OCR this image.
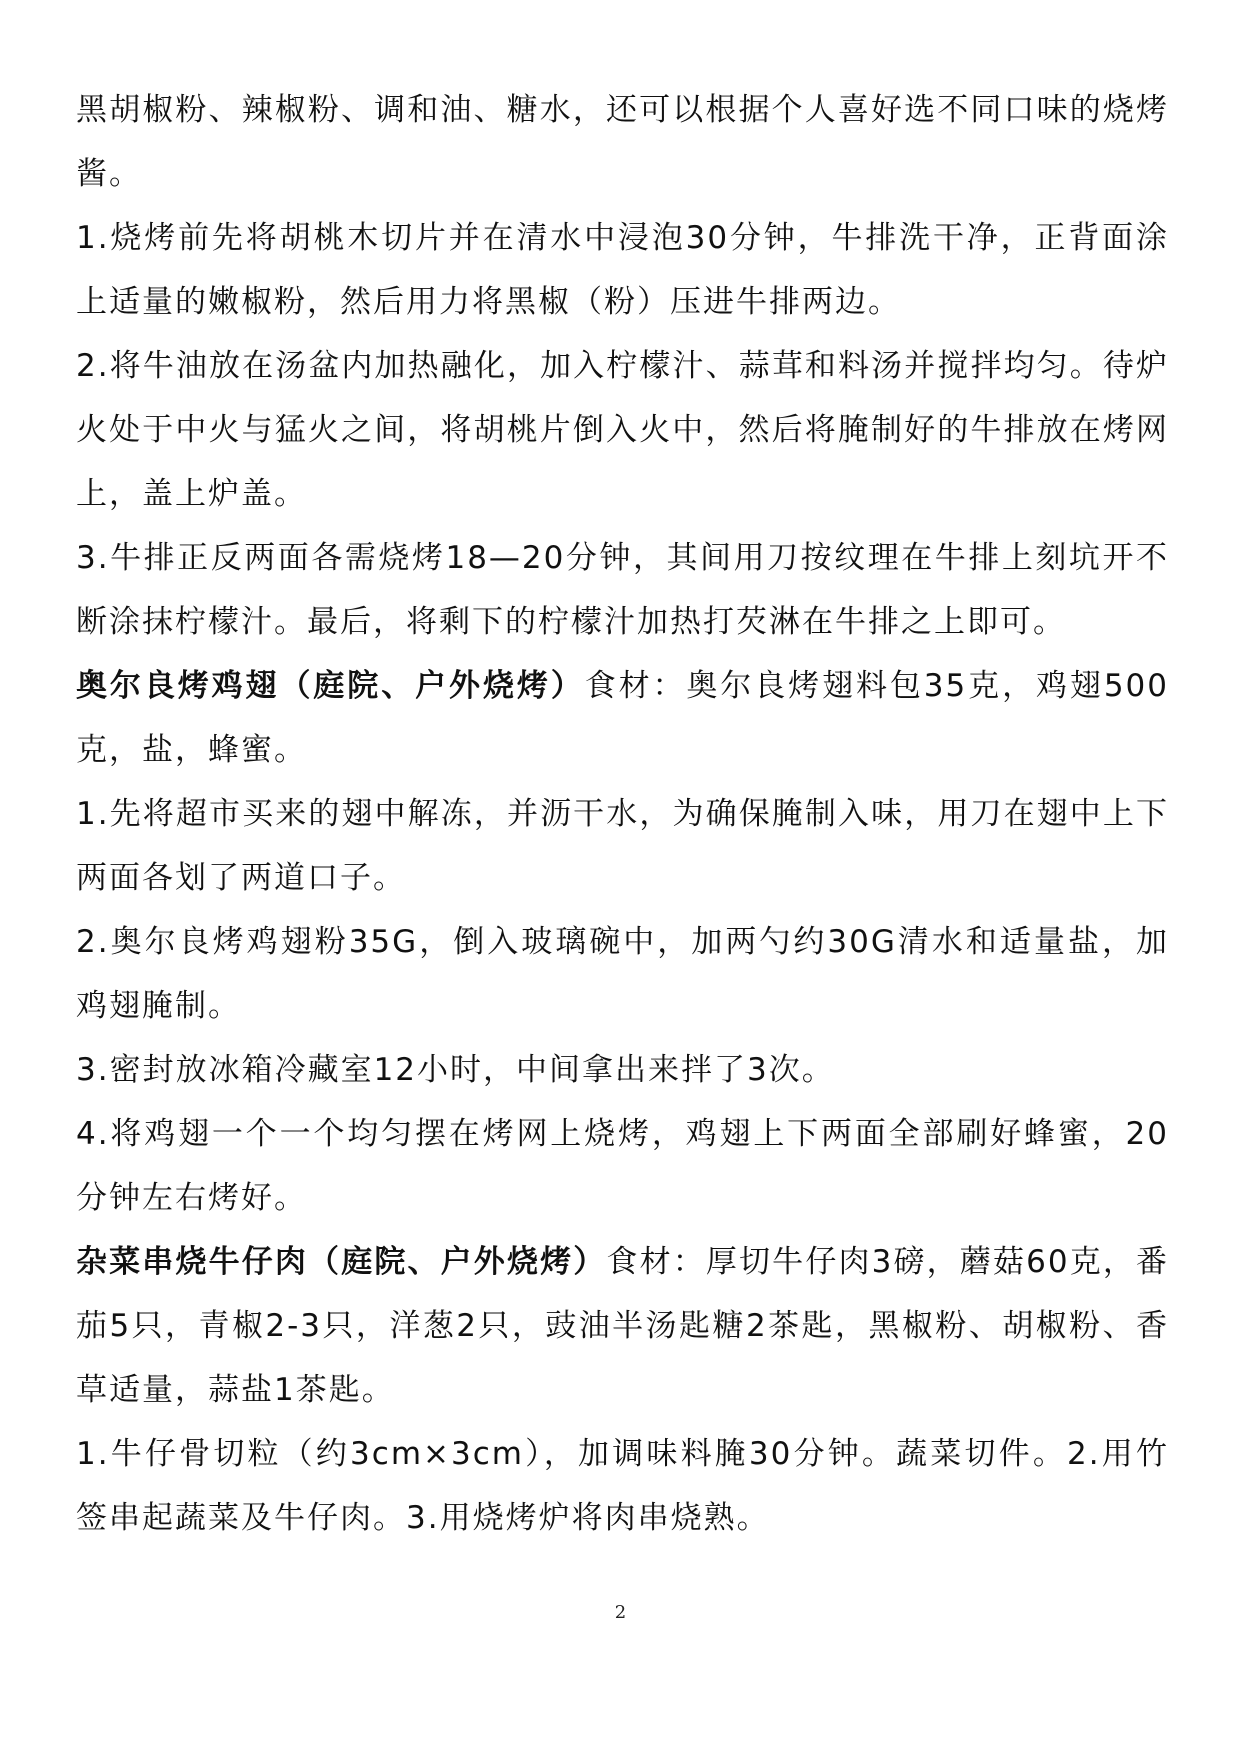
黑胡椒粉、辣椒粉、调和油、糖水，还可以根据个人喜好选不同口味的烧烤酱。

1.烧烤前先将胡桃木切片并在清水中浸泡30分钟，牛排洗干净，正背面涂上适量的嫩椒粉，然后用力将黑椒（粉）压进牛排两边。

2.将牛油放在汤盆内加热融化，加入柠檬汁、蒜茸和料汤并搅拌均匀。待炉火处于中火与猛火之间，将胡桃片倒入火中，然后将腌制好的牛排放在烤网上，盖上炉盖。

3.牛排正反两面各需烧烤18—20分钟，其间用刀按纹理在牛排上刻坑开不断涂抹柠檬汁。最后，将剩下的柠檬汁加热打芡淋在牛排之上即可。

奥尔良烤鸡翅（庭院、户外烧烤）食材：奥尔良烤翅料包35克，鸡翅500克，盐，蜂蜜。

1.先将超市买来的翅中解冻，并沥干水，为确保腌制入味，用刀在翅中上下两面各划了两道口子。

2.奥尔良烤鸡翅粉35G，倒入玻璃碗中，加两勺约30G清水和适量盐，加鸡翅腌制。

3.密封放冰箱冷藏室12小时，中间拿出来拌了3次。

4.将鸡翅一个一个均匀摆在烤网上烧烤，鸡翅上下两面全部刷好蜂蜜，20分钟左右烤好。

杂菜串烧牛仔肉（庭院、户外烧烤）食材：厚切牛仔肉3磅，蘑菇60克，番茄5只，青椒2-3只，洋葱2只，豉油半汤匙糖2茶匙，黑椒粉、胡椒粉、香草适量，蒜盐1茶匙。

1.牛仔骨切粒（约3cm×3cm），加调味料腌30分钟。蔬菜切件。2.用竹签串起蔬菜及牛仔肉。3.用烧烤炉将肉串烧熟。

2
